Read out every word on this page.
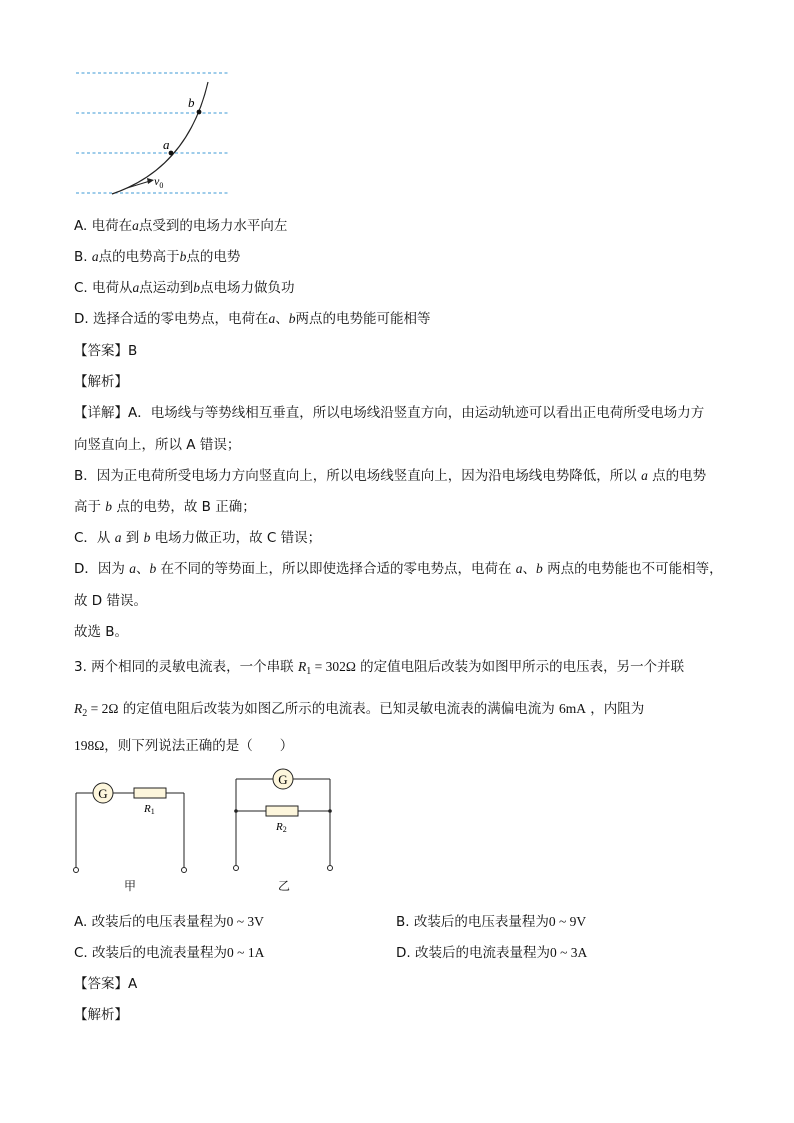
a
b
$v_0$
A. 电荷在a点受到的电场力水平向左
B. a点的电势高于b点的电势
C. 电荷从a点运动到b点电场力做负功
D. 选择合适的零电势点，电荷在a、b两点的电势能可能相等
【答案】B
【解析】
【详解】A．电场线与等势线相互垂直，所以电场线沿竖直方向，由运动轨迹可以看出正电荷所受电场力方
向竖直向上，所以 A 错误；
B．因为正电荷所受电场力方向竖直向上，所以电场线竖直向上，因为沿电场线电势降低，所以 a 点的电势
高于 b 点的电势，故 B 正确；
C．从 a 到 b 电场力做正功，故 C 错误；
D．因为 a、b 在不同的等势面上，所以即使选择合适的零电势点，电荷在 a、b 两点的电势能也不可能相等，
故 D 错误。
故选 B。
3. 两个相同的灵敏电流表，一个串联 $R_1 = 302\Omega$ 的定值电阻后改装为如图甲所示的电压表，另一个并联
$R_2 = 2\Omega$ 的定值电阻后改装为如图乙所示的电流表。已知灵敏电流表的满偏电流为 6mA ，内阻为
198Ω，则下列说法正确的是（　　）
G
R1
甲
G
R2
乙
A. 改装后的电压表量程为0 ~ 3V	B. 改装后的电压表量程为0 ~ 9V
C. 改装后的电流表量程为0 ~ 1A	D. 改装后的电流表量程为0 ~ 3A
【答案】A
【解析】
